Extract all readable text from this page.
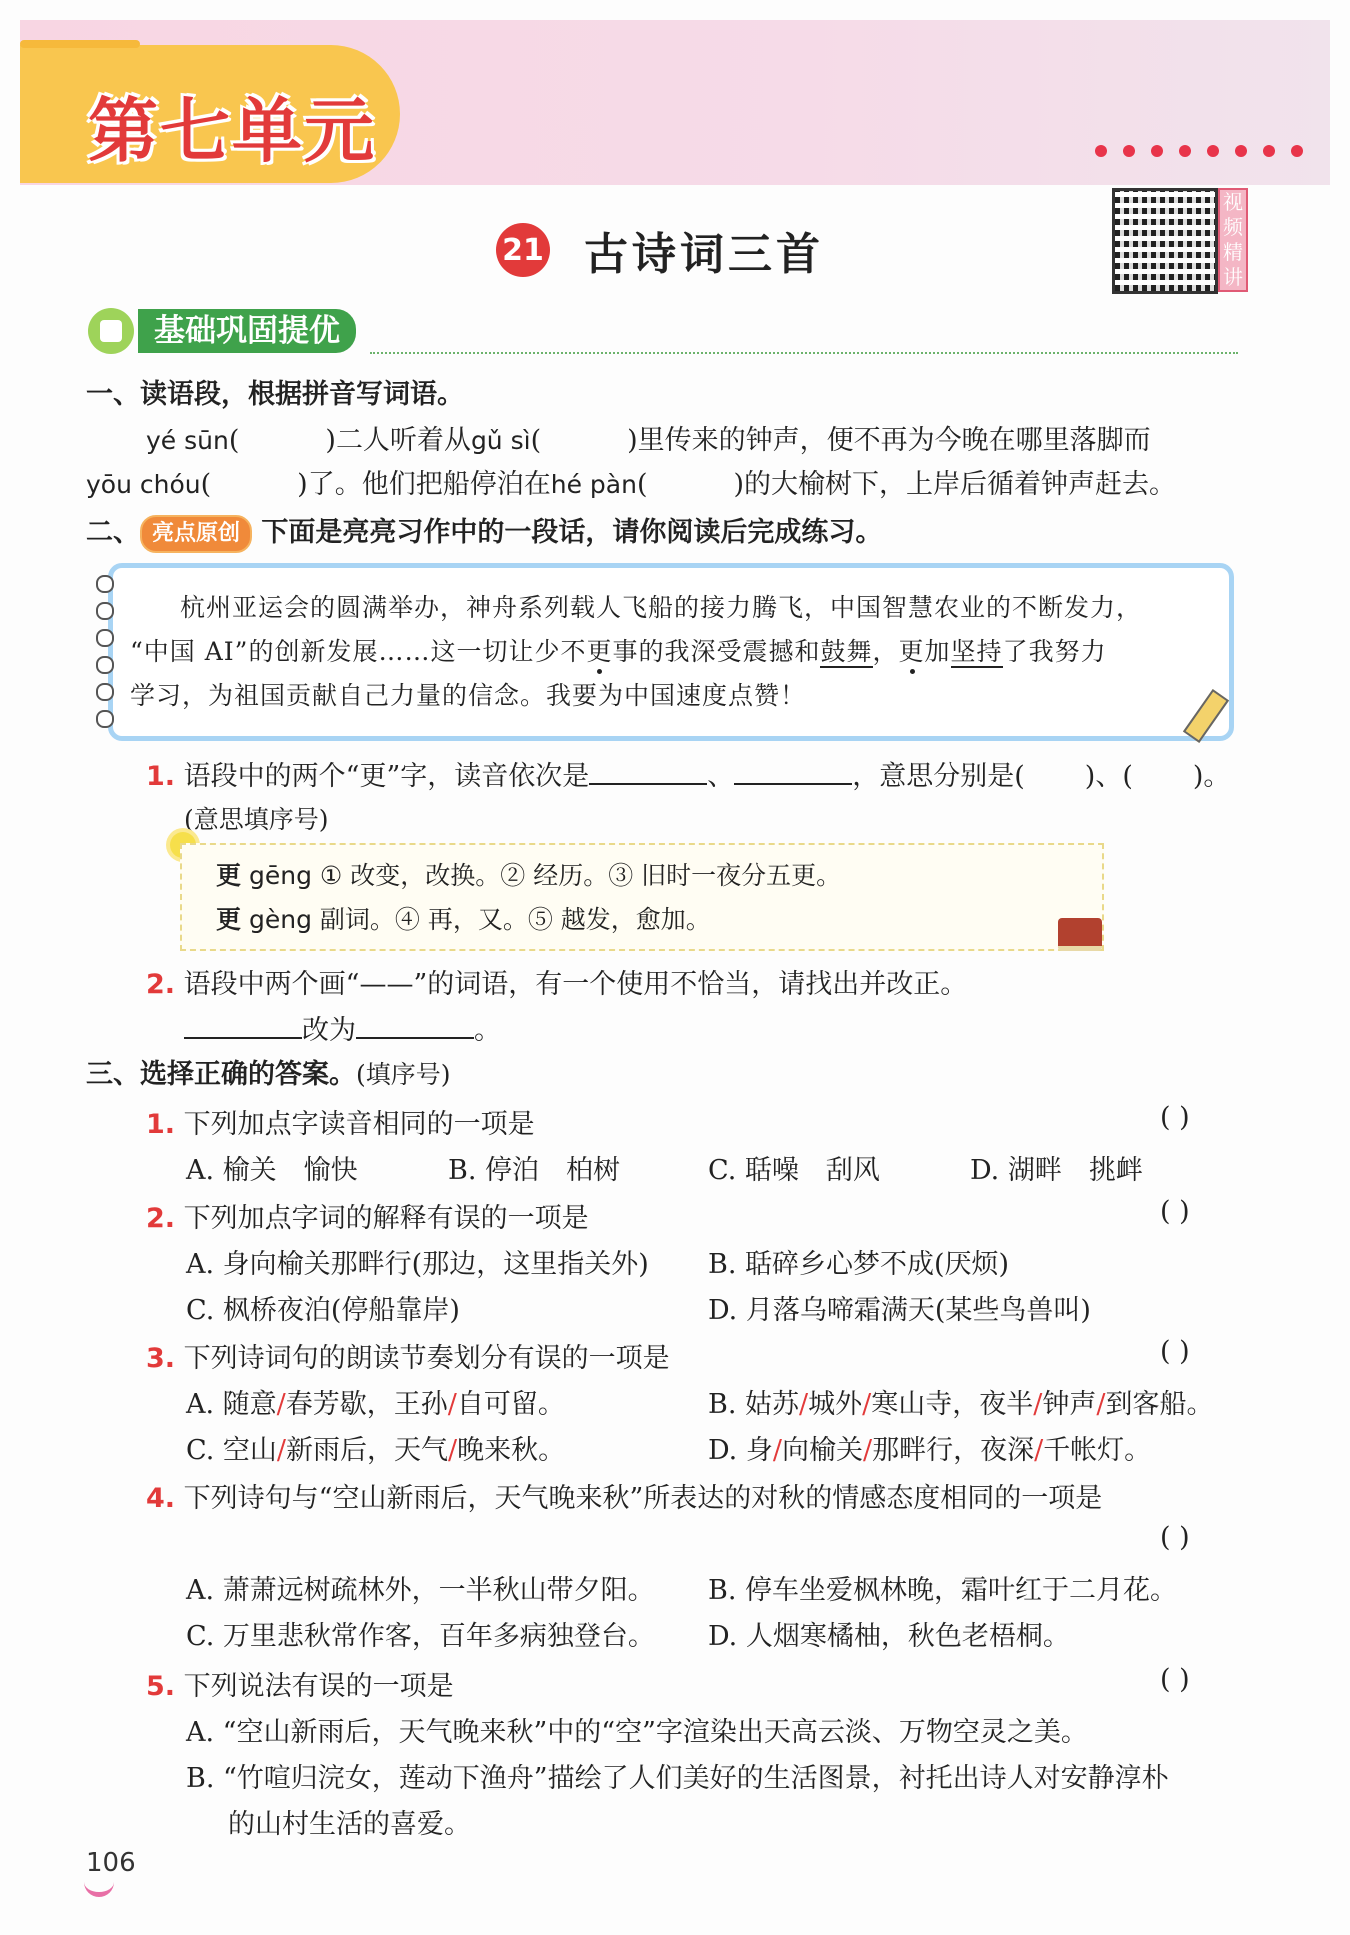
第七单元
21 古诗词三首
视频精讲
基础巩固提优
一、读语段，根据拼音写词语。
yé sūn(	)二人听着从gǔ sì(	)里传来的钟声，便不再为今晚在哪里落脚而
yōu chóu(	)了。他们把船停泊在hé pàn(	)的大榆树下，上岸后循着钟声赶去。
二、 亮点原创 下面是亮亮习作中的一段话，请你阅读后完成练习。
杭州亚运会的圆满举办，神舟系列载人飞船的接力腾飞，中国智慧农业的不断发力，
“中国 AI”的创新发展……这一切让少不更事的我深受震撼和鼓舞，更加坚持了我努力
学习，为祖国贡献自己力量的信念。我要为中国速度点赞！
1. 语段中的两个“更”字，读音依次是	、	，意思分别是( )、( )。
(意思填序号)
更 gēng ① 改变，改换。② 经历。③ 旧时一夜分五更。
更 gèng 副词。④ 再，又。⑤ 越发，愈加。
2. 语段中两个画“——”的词语，有一个使用不恰当，请找出并改正。
改为	。
三、选择正确的答案。(填序号)
1. 下列加点字读音相同的一项是	( )
A. 榆关　愉快	B. 停泊　柏树	C. 聒噪　刮风	D. 湖畔　挑衅
2. 下列加点字词的解释有误的一项是	( )
A. 身向榆关那畔行(那边，这里指关外) B. 聒碎乡心梦不成(厌烦)
C. 枫桥夜泊(停船靠岸)	D. 月落乌啼霜满天(某些鸟兽叫)
3. 下列诗词句的朗读节奏划分有误的一项是	( )
A. 随意/春芳歇，王孙/自可留。	B. 姑苏/城外/寒山寺，夜半/钟声/到客船。
C. 空山/新雨后，天气/晚来秋。	D. 身/向榆关/那畔行，夜深/千帐灯。
4. 下列诗句与“空山新雨后，天气晚来秋”所表达的对秋的情感态度相同的一项是
( )
A. 萧萧远树疏林外，一半秋山带夕阳。 B. 停车坐爱枫林晚，霜叶红于二月花。
C. 万里悲秋常作客，百年多病独登台。 D. 人烟寒橘柚，秋色老梧桐。
5. 下列说法有误的一项是	( )
A. “空山新雨后，天气晚来秋”中的“空”字渲染出天高云淡、万物空灵之美。
B. “竹喧归浣女，莲动下渔舟”描绘了人们美好的生活图景，衬托出诗人对安静淳朴
的山村生活的喜爱。
106
